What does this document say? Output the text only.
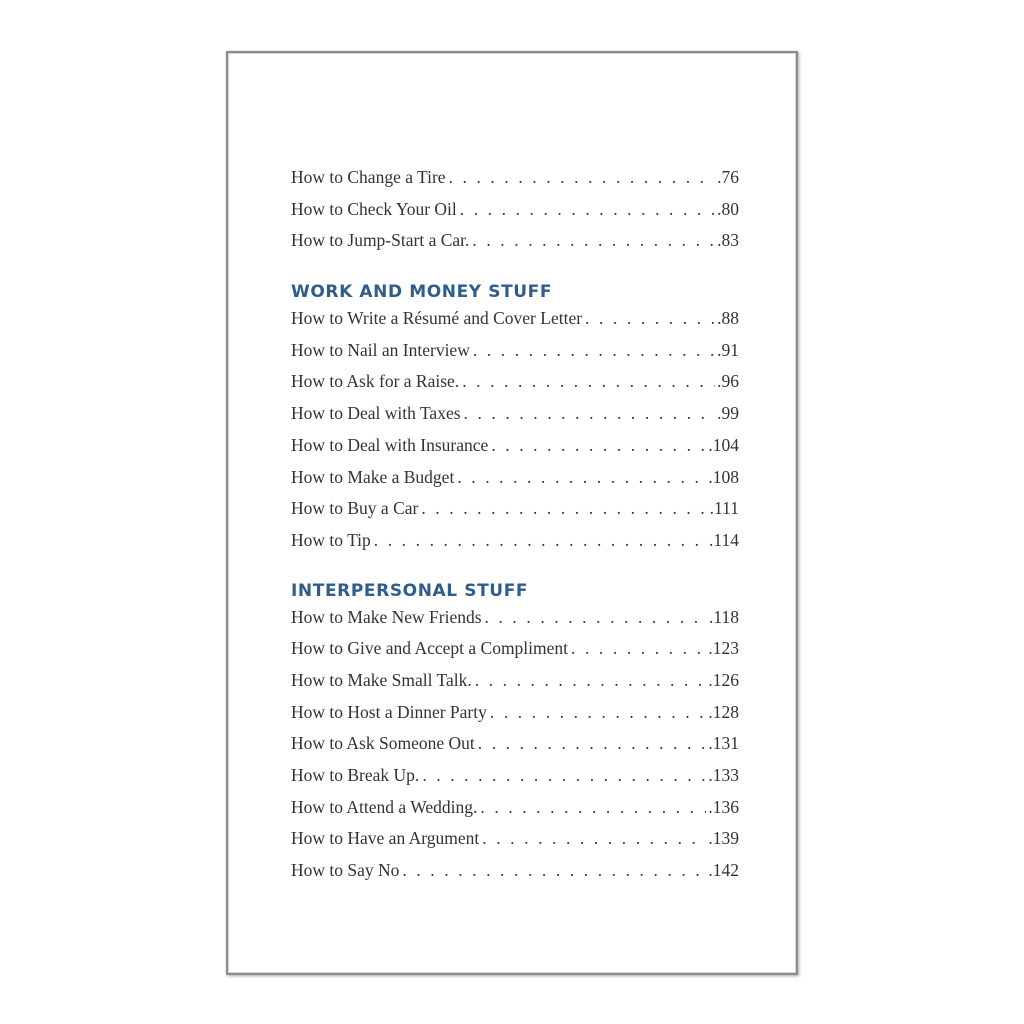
How to Change a Tire . . .	.76
How to Check Your Oil . . .	.80
How to Jump-Start a Car. . . .	.83
WORK AND MONEY STUFF
How to Write a Résumé and Cover Letter . . .	.88
How to Nail an Interview . . .	.91
How to Ask for a Raise. . . .	.96
How to Deal with Taxes . . .	.99
How to Deal with Insurance . . .	.104
How to Make a Budget . . .	.108
How to Buy a Car . . .	.111
How to Tip . . .	.114
INTERPERSONAL STUFF
How to Make New Friends . . .	.118
How to Give and Accept a Compliment . . .	.123
How to Make Small Talk. . . .	.126
How to Host a Dinner Party . . .	.128
How to Ask Someone Out . . .	.131
How to Break Up. . . .	.133
How to Attend a Wedding. . . .	.136
How to Have an Argument . . .	.139
How to Say No . . .	.142
